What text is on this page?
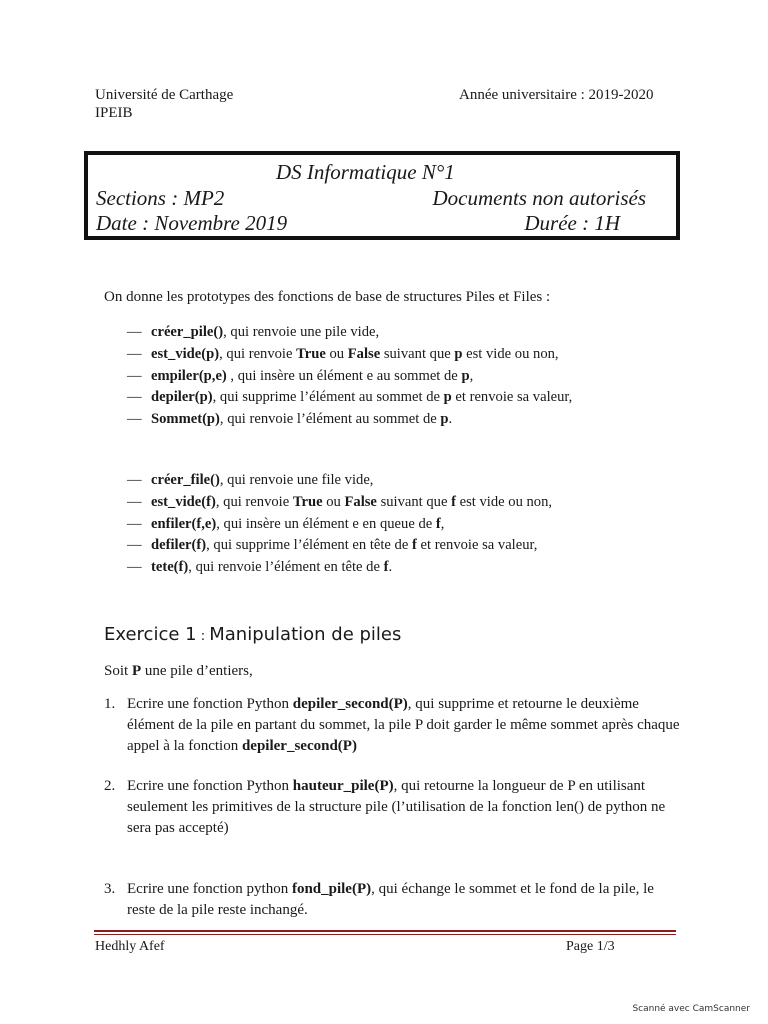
Université de Carthage
IPEIB
Année universitaire : 2019-2020
DS Informatique N°1
Sections : MP2	Documents non autorisés
Date : Novembre 2019	Durée : 1H
On donne les prototypes des fonctions de base de structures Piles et Files :
— créer_pile(), qui renvoie une pile vide,
— est_vide(p), qui renvoie True ou False suivant que p est vide ou non,
— empiler(p,e) , qui insère un élément e au sommet de p,
— depiler(p), qui supprime l’élément au sommet de p et renvoie sa valeur,
— Sommet(p), qui renvoie l’élément au sommet de p.
— créer_file(), qui renvoie une file vide,
— est_vide(f), qui renvoie True ou False suivant que f est vide ou non,
— enfiler(f,e), qui insère un élément e en queue de f,
— defiler(f), qui supprime l’élément en tête de f et renvoie sa valeur,
— tete(f), qui renvoie l’élément en tête de f.
Exercice 1 : Manipulation de piles
Soit P une pile d’entiers,
1. Ecrire une fonction Python depiler_second(P), qui supprime et retourne le deuxième élément de la pile en partant du sommet, la pile P doit garder le même sommet après chaque appel à la fonction depiler_second(P)
2. Ecrire une fonction Python hauteur_pile(P), qui retourne la longueur de P en utilisant seulement les primitives de la structure pile (l’utilisation de la fonction len() de python ne sera pas accepté)
3. Ecrire une fonction python fond_pile(P), qui échange le sommet et le fond de la pile, le reste de la pile reste inchangé.
Hedhly Afef	Page 1/3
Scanné avec CamScanner
